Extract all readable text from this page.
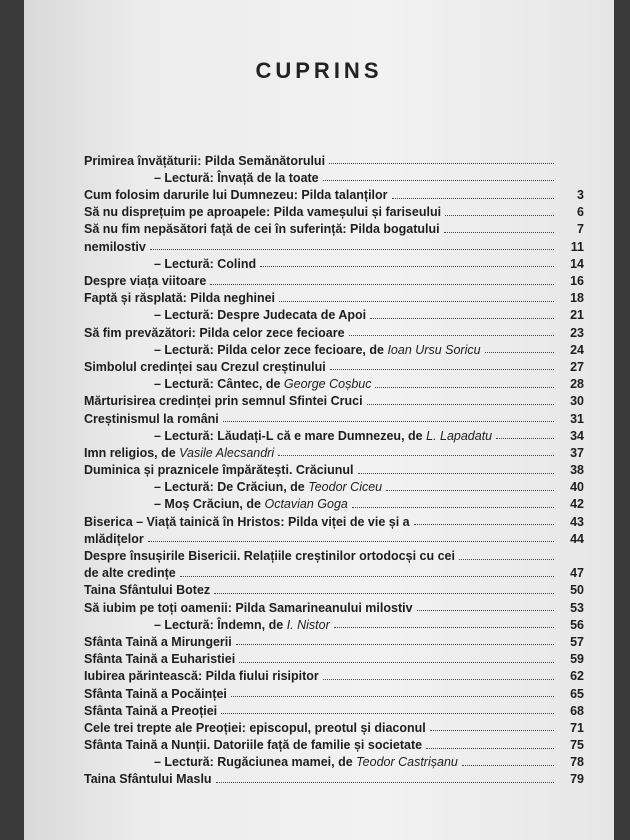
CUPRINS
Primirea învățăturii: Pilda Semănătorului
– Lectură: Învață de la toate
Cum folosim darurile lui Dumnezeu: Pilda talanților	3
Să nu disprețuim pe aproapele: Pilda vameșului și fariseului	6
Să nu fim nepăsători față de cei în suferință: Pilda bogatului	7
nemilostiv	11
– Lectură: Colind	14
Despre viața viitoare	16
Faptă și răsplată: Pilda neghinei	18
– Lectură: Despre Judecata de Apoi	21
Să fim prevăzători: Pilda celor zece fecioare	23
– Lectură: Pilda celor zece fecioare, de Ioan Ursu Soricu	24
Simbolul credinței sau Crezul creștinului	27
– Lectură: Cântec, de George Coșbuc	28
Mărturisirea credinței prin semnul Sfintei Cruci	30
Creștinismul la români	31
– Lectură: Lăudați-L că e mare Dumnezeu, de L. Lapadatu	34
Imn religios, de Vasile Alecsandri	37
Duminica și praznicele împărătești. Crăciunul	38
– Lectură: De Crăciun, de Teodor Ciceu	40
– Moș Crăciun, de Octavian Goga	42
Biserica – Viață tainică în Hristos: Pilda viței de vie și a	43
mlădițelor	44
Despre însușirile Bisericii. Relațiile creștinilor ortodocși cu cei
de alte credințe	47
Taina Sfântului Botez	50
Să iubim pe toți oamenii: Pilda Samarineanului milostiv	53
– Lectură: Îndemn, de I. Nistor	56
Sfânta Taină a Mirungerii	57
Sfânta Taină a Euharistiei	59
Iubirea părintească: Pilda fiului risipitor	62
Sfânta Taină a Pocăinței	65
Sfânta Taină a Preoției	68
Cele trei trepte ale Preoției: episcopul, preotul și diaconul	71
Sfânta Taină a Nunții. Datoriile față de familie și societate	75
– Lectură: Rugăciunea mamei, de Teodor Castrișanu	78
Taina Sfântului Maslu	79
